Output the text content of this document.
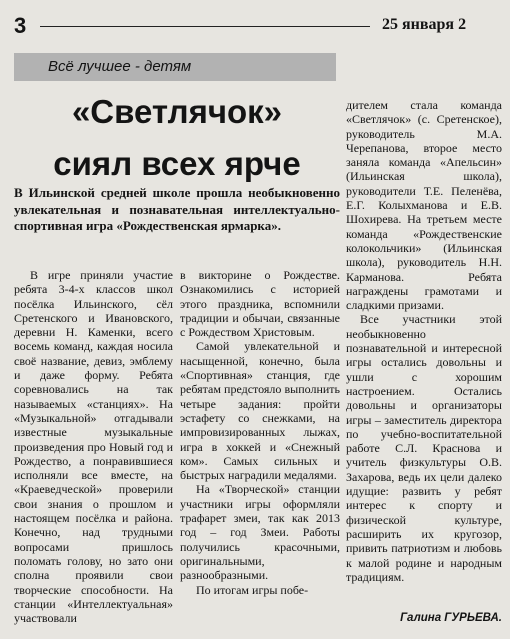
3	25 января 2
Всё лучшее - детям
«Светлячок»
сиял всех ярче

В Ильинской средней школе прошла необыкновенно увлекательная и познавательная интеллектуально-спортивная игра «Рождественская ярмарка».

В игре приняли участие ребята 3-4-х классов школ посёлка Ильинского, сёл Сретенского и Ивановского, деревни Н. Каменки, всего восемь команд, каждая носила своё название, девиз, эмблему и даже форму. Ребята соревновались на так называемых «станциях». На «Музыкальной» отгадывали известные музыкальные произведения про Новый год и Рождество, а понравившиеся исполняли все вместе, на «Краеведческой» проверили свои знания о прошлом и настоящем посёлка и района. Конечно, над трудными вопросами пришлось поломать голову, но зато они сполна проявили свои творческие способности. На станции «Интеллектуальная» участвовали

в викторине о Рождестве. Ознакомились с историей этого праздника, вспомнили традиции и обычаи, связанные с Рождеством Христовым.

Самой увлекательной и насыщенной, конечно, была «Спортивная» станция, где ребятам предстояло выполнить четыре задания: пройти эстафету со снежками, на импровизированных лыжах, игра в хоккей и «Снежный ком». Самых сильных и быстрых наградили медалями.

На «Творческой» станции участники игры оформляли трафарет змеи, так как 2013 год – год Змеи. Работы получились красочными, оригинальными, разнообразными.

По итогам игры побе-

дителем стала команда «Светлячок» (с. Сретенское), руководитель М.А. Черепанова, второе место заняла команда «Апельсин» (Ильинская школа), руководители Т.Е. Пеленёва, Е.Г. Колыхманова и Е.В. Шохирева. На третьем месте команда «Рождественские колокольчики» (Ильинская школа), руководитель Н.Н. Карманова. Ребята награждены грамотами и сладкими призами.

Все участники этой необыкновенно познавательной и интересной игры остались довольны и ушли с хорошим настроением. Остались довольны и организаторы игры – заместитель директора по учебно-воспитательной работе С.Л. Краснова и учитель физкультуры О.В. Захарова, ведь их цели далеко идущие: развить у ребят интерес к спорту и физической культуре, расширить их кругозор, привить патриотизм и любовь к малой родине и народным традициям.

Галина ГУРЬЕВА.
